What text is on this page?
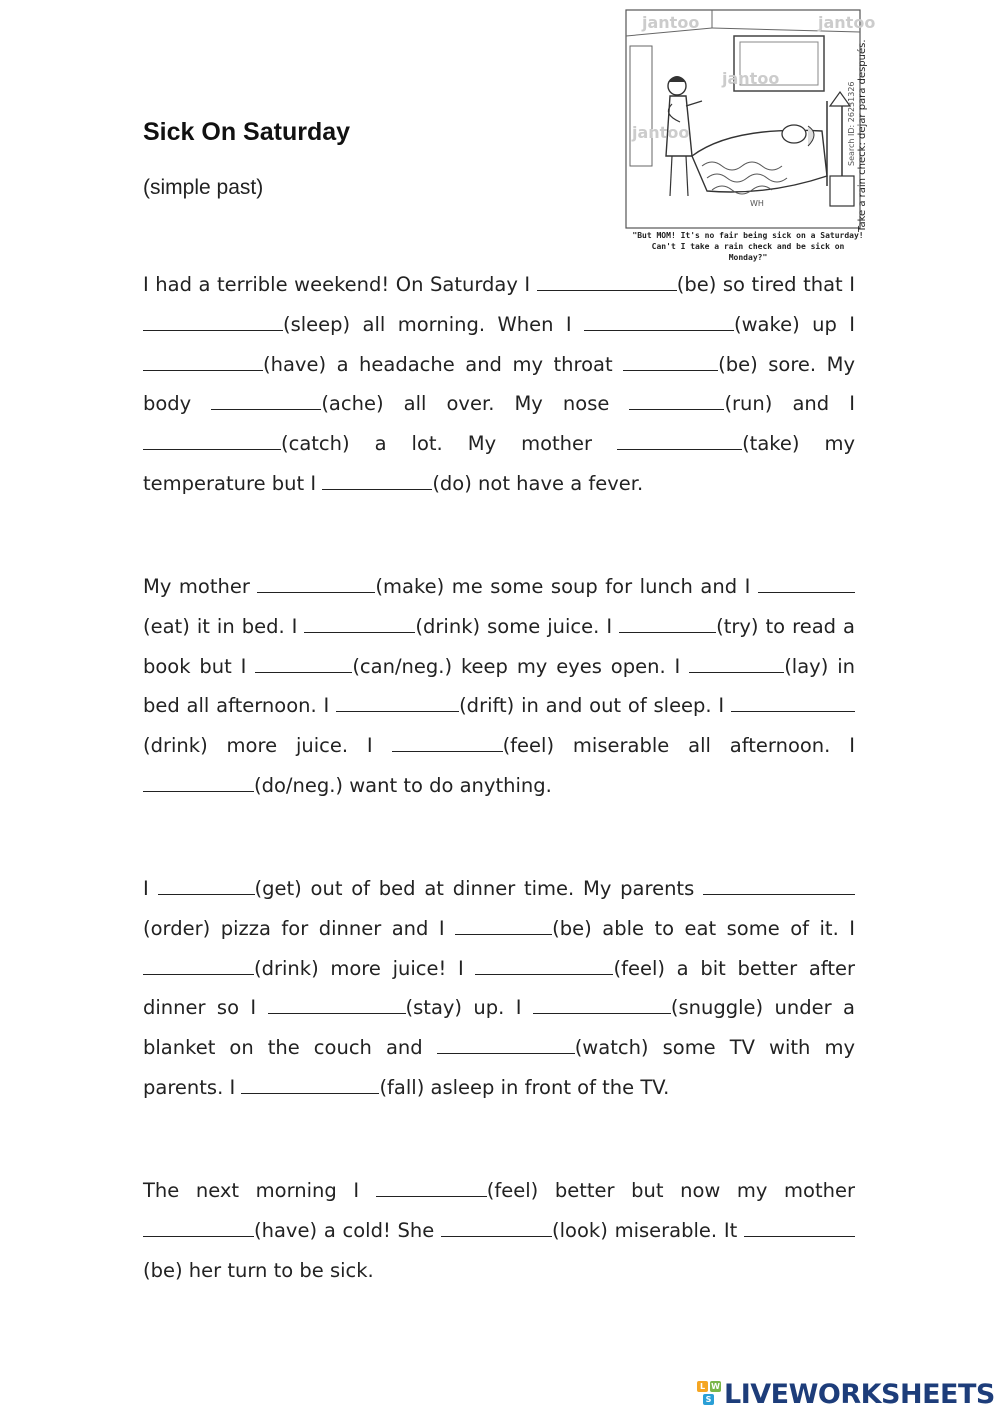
Sick On Saturday
(simple past)
jantoo
jantoo
jantoo
jantoo
WH
Search ID: 26231326
"But MOM! It's no fair being sick on a Saturday!
Can't I take a rain check and be sick on Monday?"
Take a rain check: dejar para después.

I had a terrible weekend! On Saturday I	(be) so tired that I (sleep) all morning. When I	(wake) up I (have) a headache and my throat	(be) sore. My body	(ache) all over. My nose	(run) and I (catch) a lot. My mother	(take) my temperature but I	(do) not have a fever.

My mother	(make) me some soup for lunch and I (eat) it in bed. I	(drink) some juice. I	(try) to read a book but I	(can/neg.) keep my eyes open. I	(lay) in bed all afternoon. I	(drift) in and out of sleep. I (drink) more juice. I	(feel) miserable all afternoon. I (do/neg.) want to do anything.

I	(get) out of bed at dinner time. My parents (order) pizza for dinner and I	(be) able to eat some of it. I (drink) more juice! I	(feel) a bit better after dinner so I	(stay) up. I	(snuggle) under a blanket on the couch and	(watch) some TV with my parents. I	(fall) asleep in front of the TV.

The next morning I	(feel) better but now my mother (have) a cold! She	(look) miserable. It (be) her turn to be sick.

L W
S LIVEWORKSHEETS
